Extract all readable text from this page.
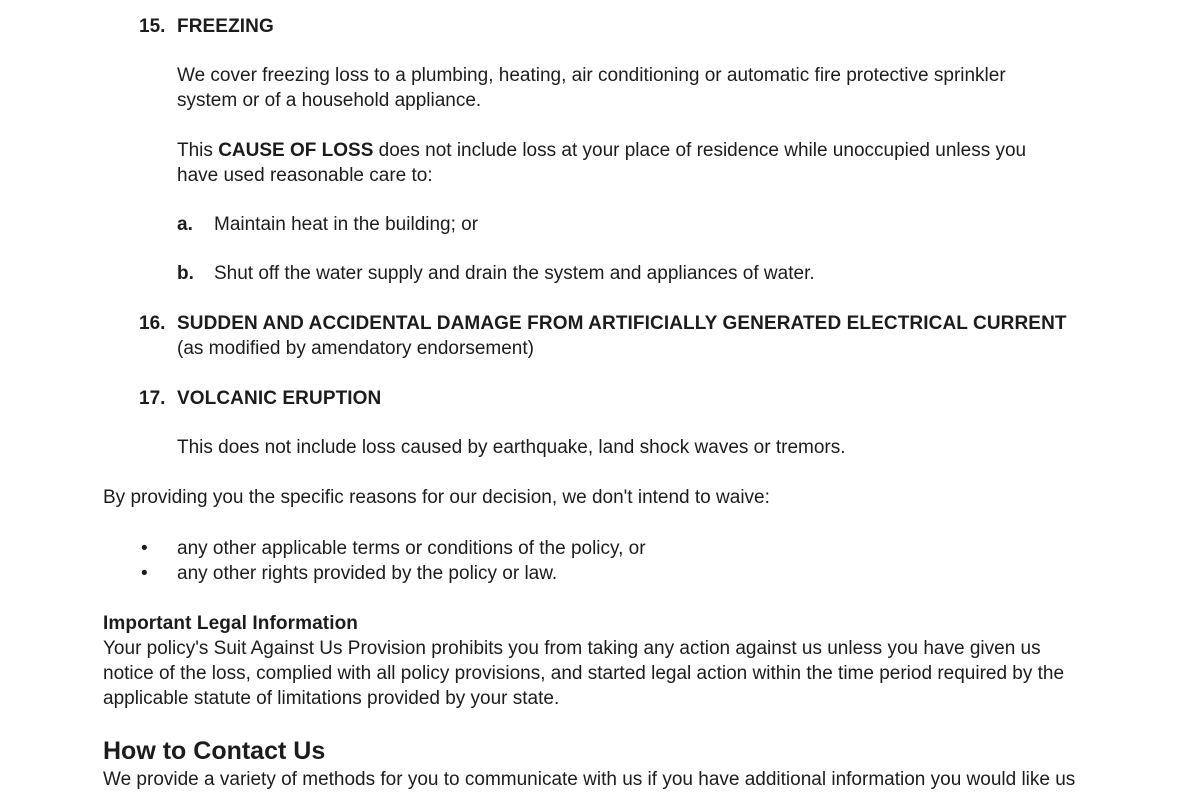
15. FREEZING
We cover freezing loss to a plumbing, heating, air conditioning or automatic fire protective sprinkler
system or of a household appliance.
This CAUSE OF LOSS does not include loss at your place of residence while unoccupied unless you
have used reasonable care to:
a. Maintain heat in the building; or
b. Shut off the water supply and drain the system and appliances of water.
16. SUDDEN AND ACCIDENTAL DAMAGE FROM ARTIFICIALLY GENERATED ELECTRICAL CURRENT
(as modified by amendatory endorsement)
17. VOLCANIC ERUPTION
This does not include loss caused by earthquake, land shock waves or tremors.
By providing you the specific reasons for our decision, we don't intend to waive:
• any other applicable terms or conditions of the policy, or
• any other rights provided by the policy or law.
Important Legal Information
Your policy's Suit Against Us Provision prohibits you from taking any action against us unless you have given us
notice of the loss, complied with all policy provisions, and started legal action within the time period required by the
applicable statute of limitations provided by your state.
How to Contact Us
We provide a variety of methods for you to communicate with us if you have additional information you would like us
